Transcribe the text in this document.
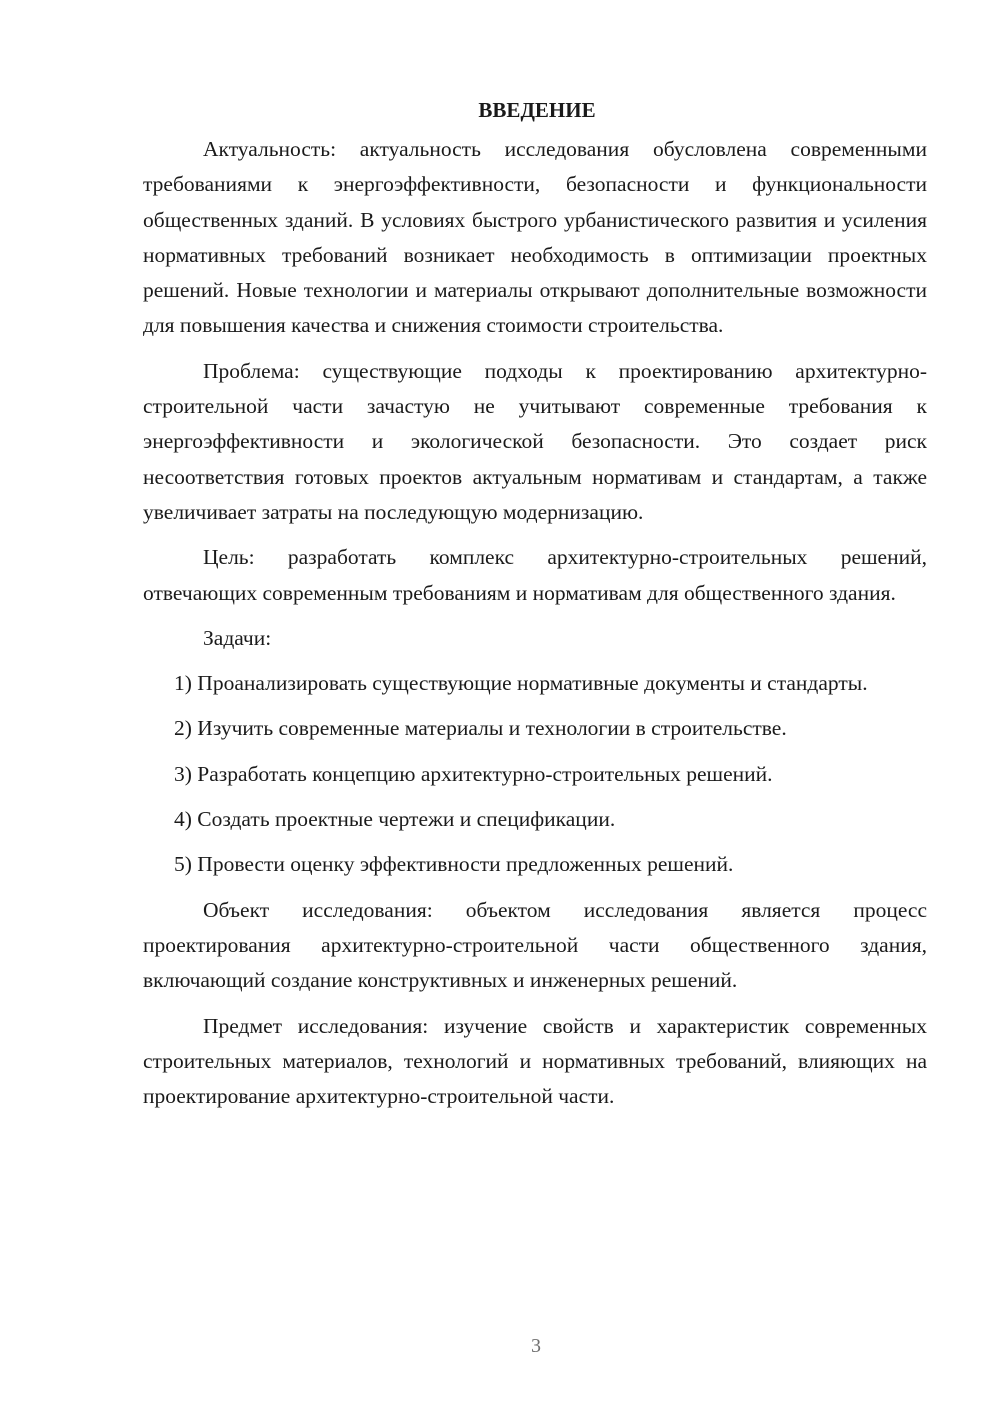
ВВЕДЕНИЕ

Актуальность: актуальность исследования обусловлена современными требованиями к энергоэффективности, безопасности и функциональности общественных зданий. В условиях быстрого урбанистического развития и усиления нормативных требований возникает необходимость в оптимизации проектных решений. Новые технологии и материалы открывают дополнительные возможности для повышения качества и снижения стоимости строительства.

Проблема: существующие подходы к проектированию архитектурно-строительной части зачастую не учитывают современные требования к энергоэффективности и экологической безопасности. Это создает риск несоответствия готовых проектов актуальным нормативам и стандартам, а также увеличивает затраты на последующую модернизацию.

Цель: разработать комплекс архитектурно-строительных решений, отвечающих современным требованиям и нормативам для общественного здания.

Задачи:

1) Проанализировать существующие нормативные документы и стандарты.
2) Изучить современные материалы и технологии в строительстве.
3) Разработать концепцию архитектурно-строительных решений.
4) Создать проектные чертежи и спецификации.
5) Провести оценку эффективности предложенных решений.

Объект исследования: объектом исследования является процесс проектирования архитектурно-строительной части общественного здания, включающий создание конструктивных и инженерных решений.

Предмет исследования: изучение свойств и характеристик современных строительных материалов, технологий и нормативных требований, влияющих на проектирование архитектурно-строительной части.

3
